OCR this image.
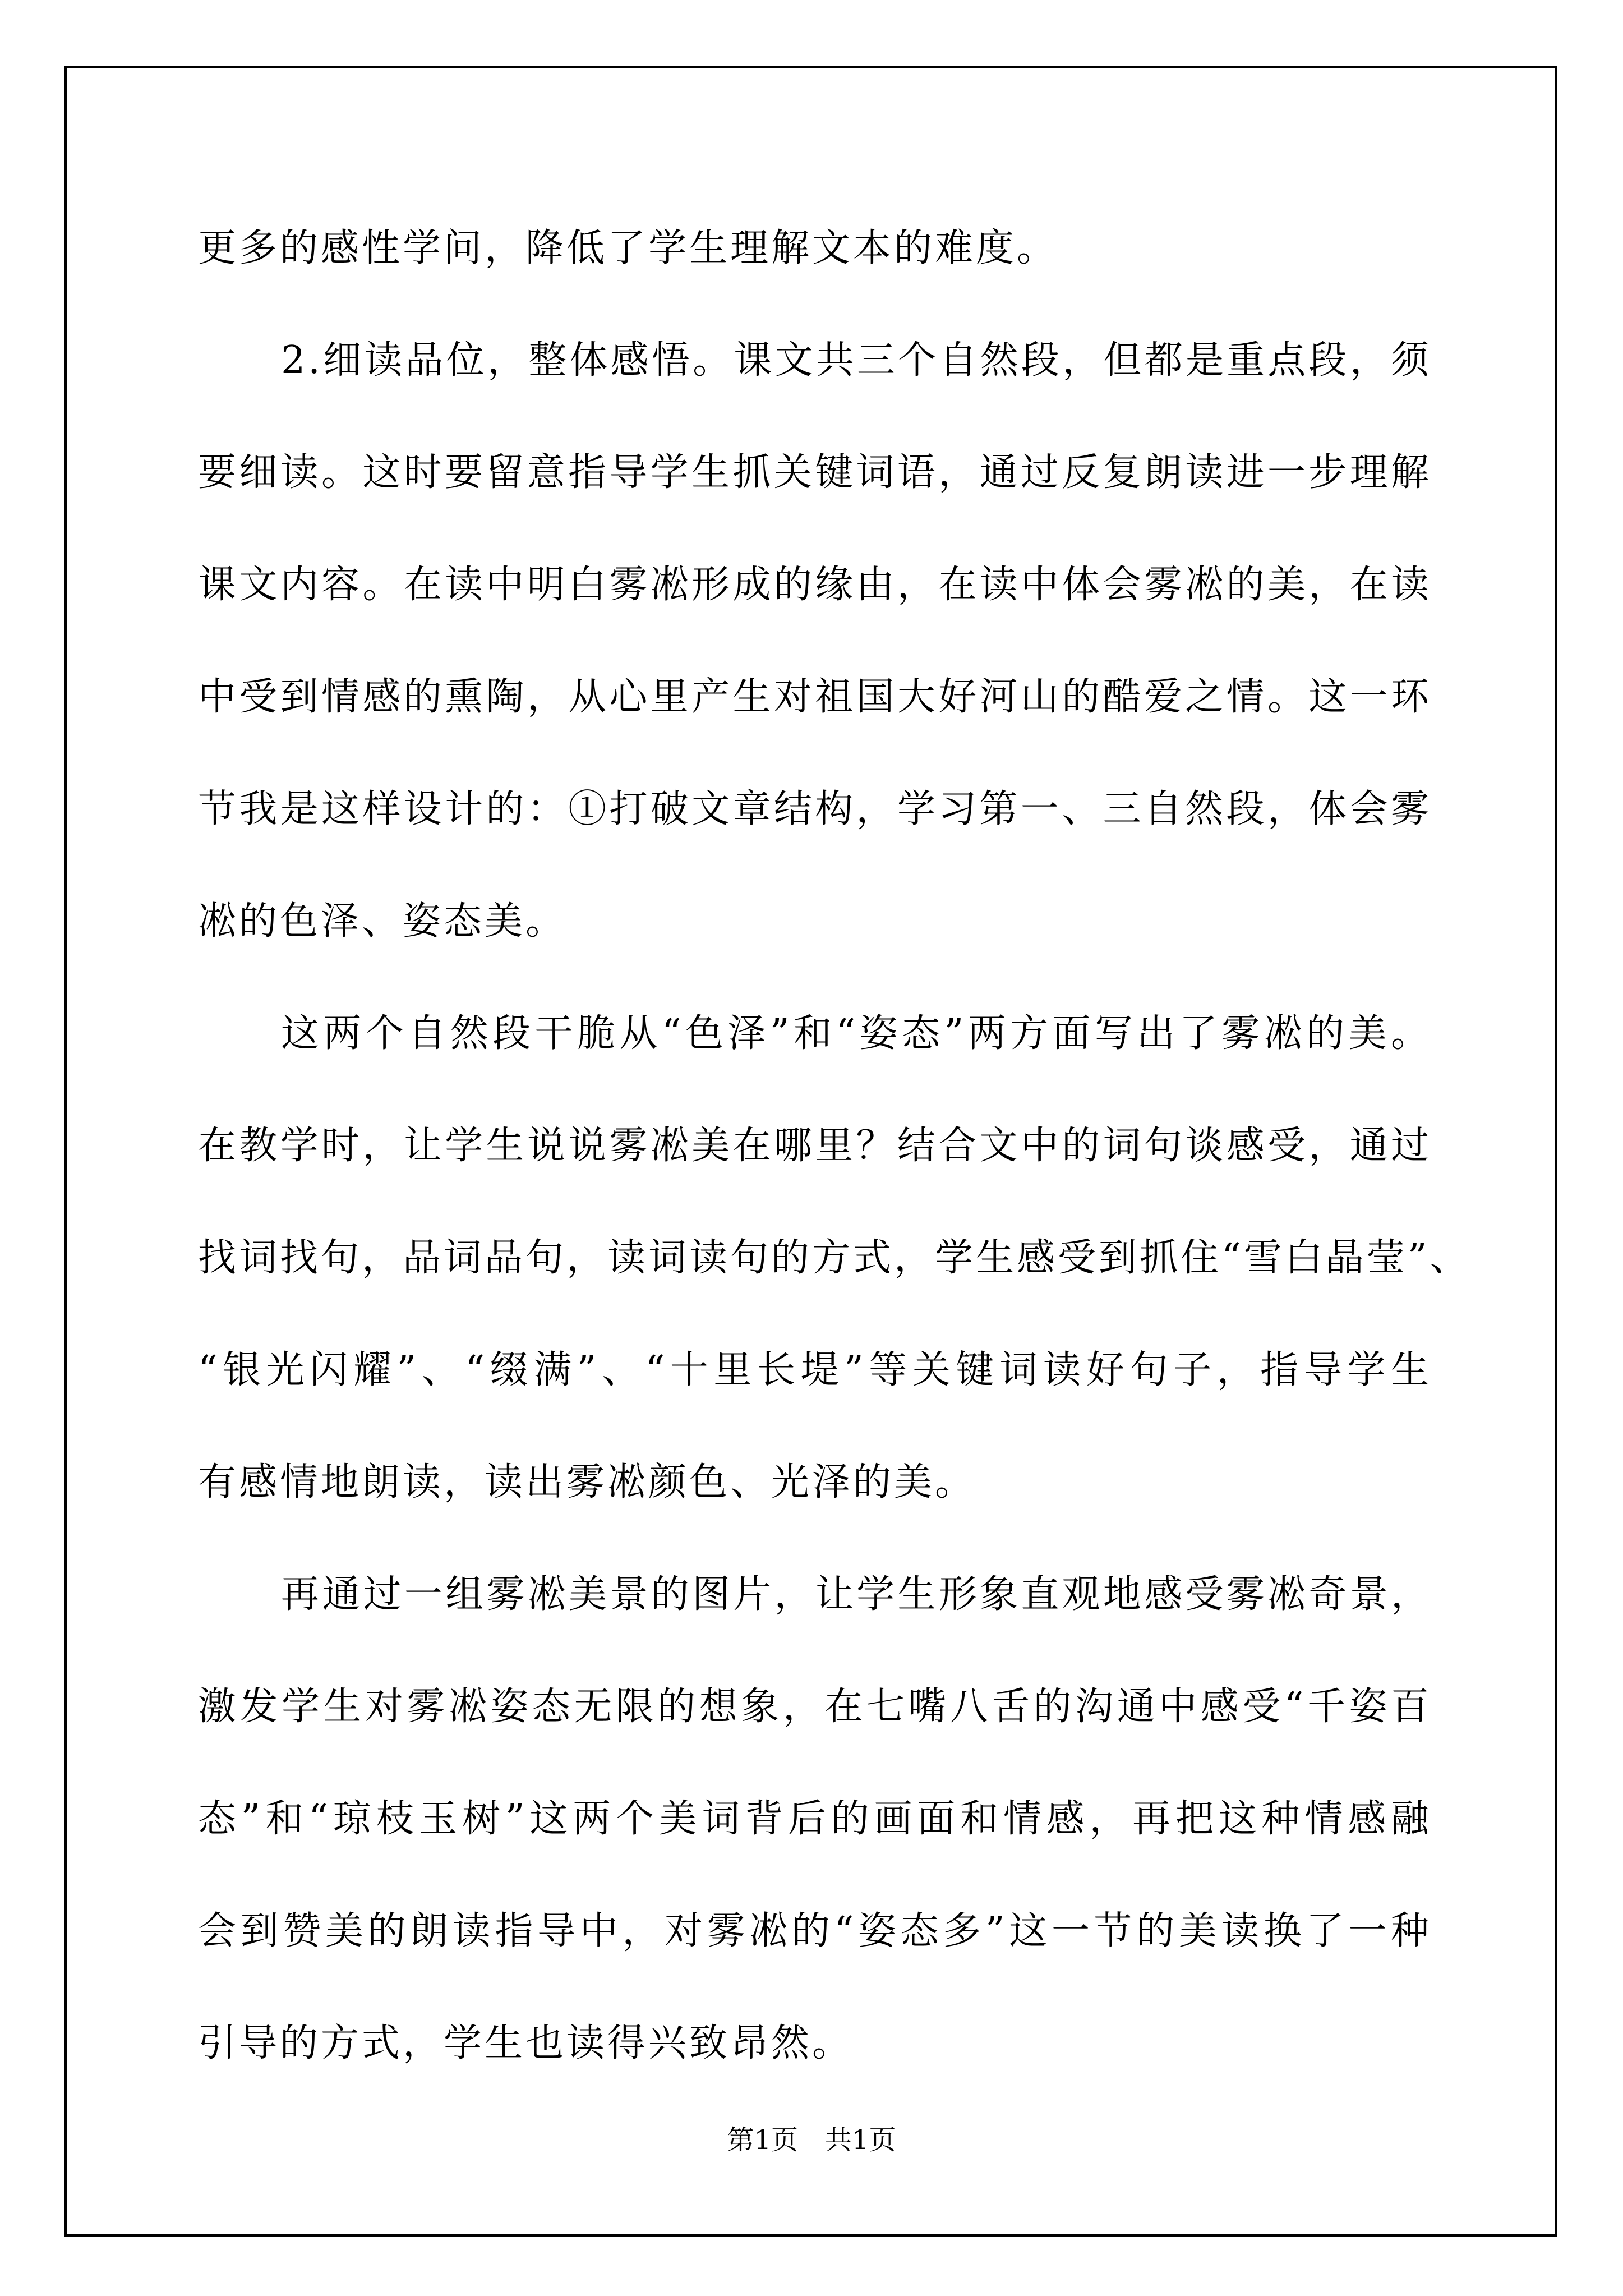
更多的感性学问，降低了学生理解文本的难度。
2.细读品位，整体感悟。课文共三个自然段，但都是重点段，须
要细读。这时要留意指导学生抓关键词语，通过反复朗读进一步理解
课文内容。在读中明白雾凇形成的缘由，在读中体会雾凇的美，在读
中受到情感的熏陶，从心里产生对祖国大好河山的酷爱之情。这一环
节我是这样设计的：①打破文章结构，学习第一、三自然段，体会雾
凇的色泽、姿态美。
这两个自然段干脆从“色泽”和“姿态”两方面写出了雾凇的美。
在教学时，让学生说说雾凇美在哪里？结合文中的词句谈感受，通过
找词找句，品词品句，读词读句的方式，学生感受到抓住“雪白晶莹”、
“银光闪耀”、“缀满”、“十里长堤”等关键词读好句子，指导学生
有感情地朗读，读出雾凇颜色、光泽的美。
再通过一组雾凇美景的图片，让学生形象直观地感受雾凇奇景，
激发学生对雾凇姿态无限的想象，在七嘴八舌的沟通中感受“千姿百
态”和“琼枝玉树”这两个美词背后的画面和情感，再把这种情感融
会到赞美的朗读指导中，对雾凇的“姿态多”这一节的美读换了一种
引导的方式，学生也读得兴致昂然。
第1页　共1页
